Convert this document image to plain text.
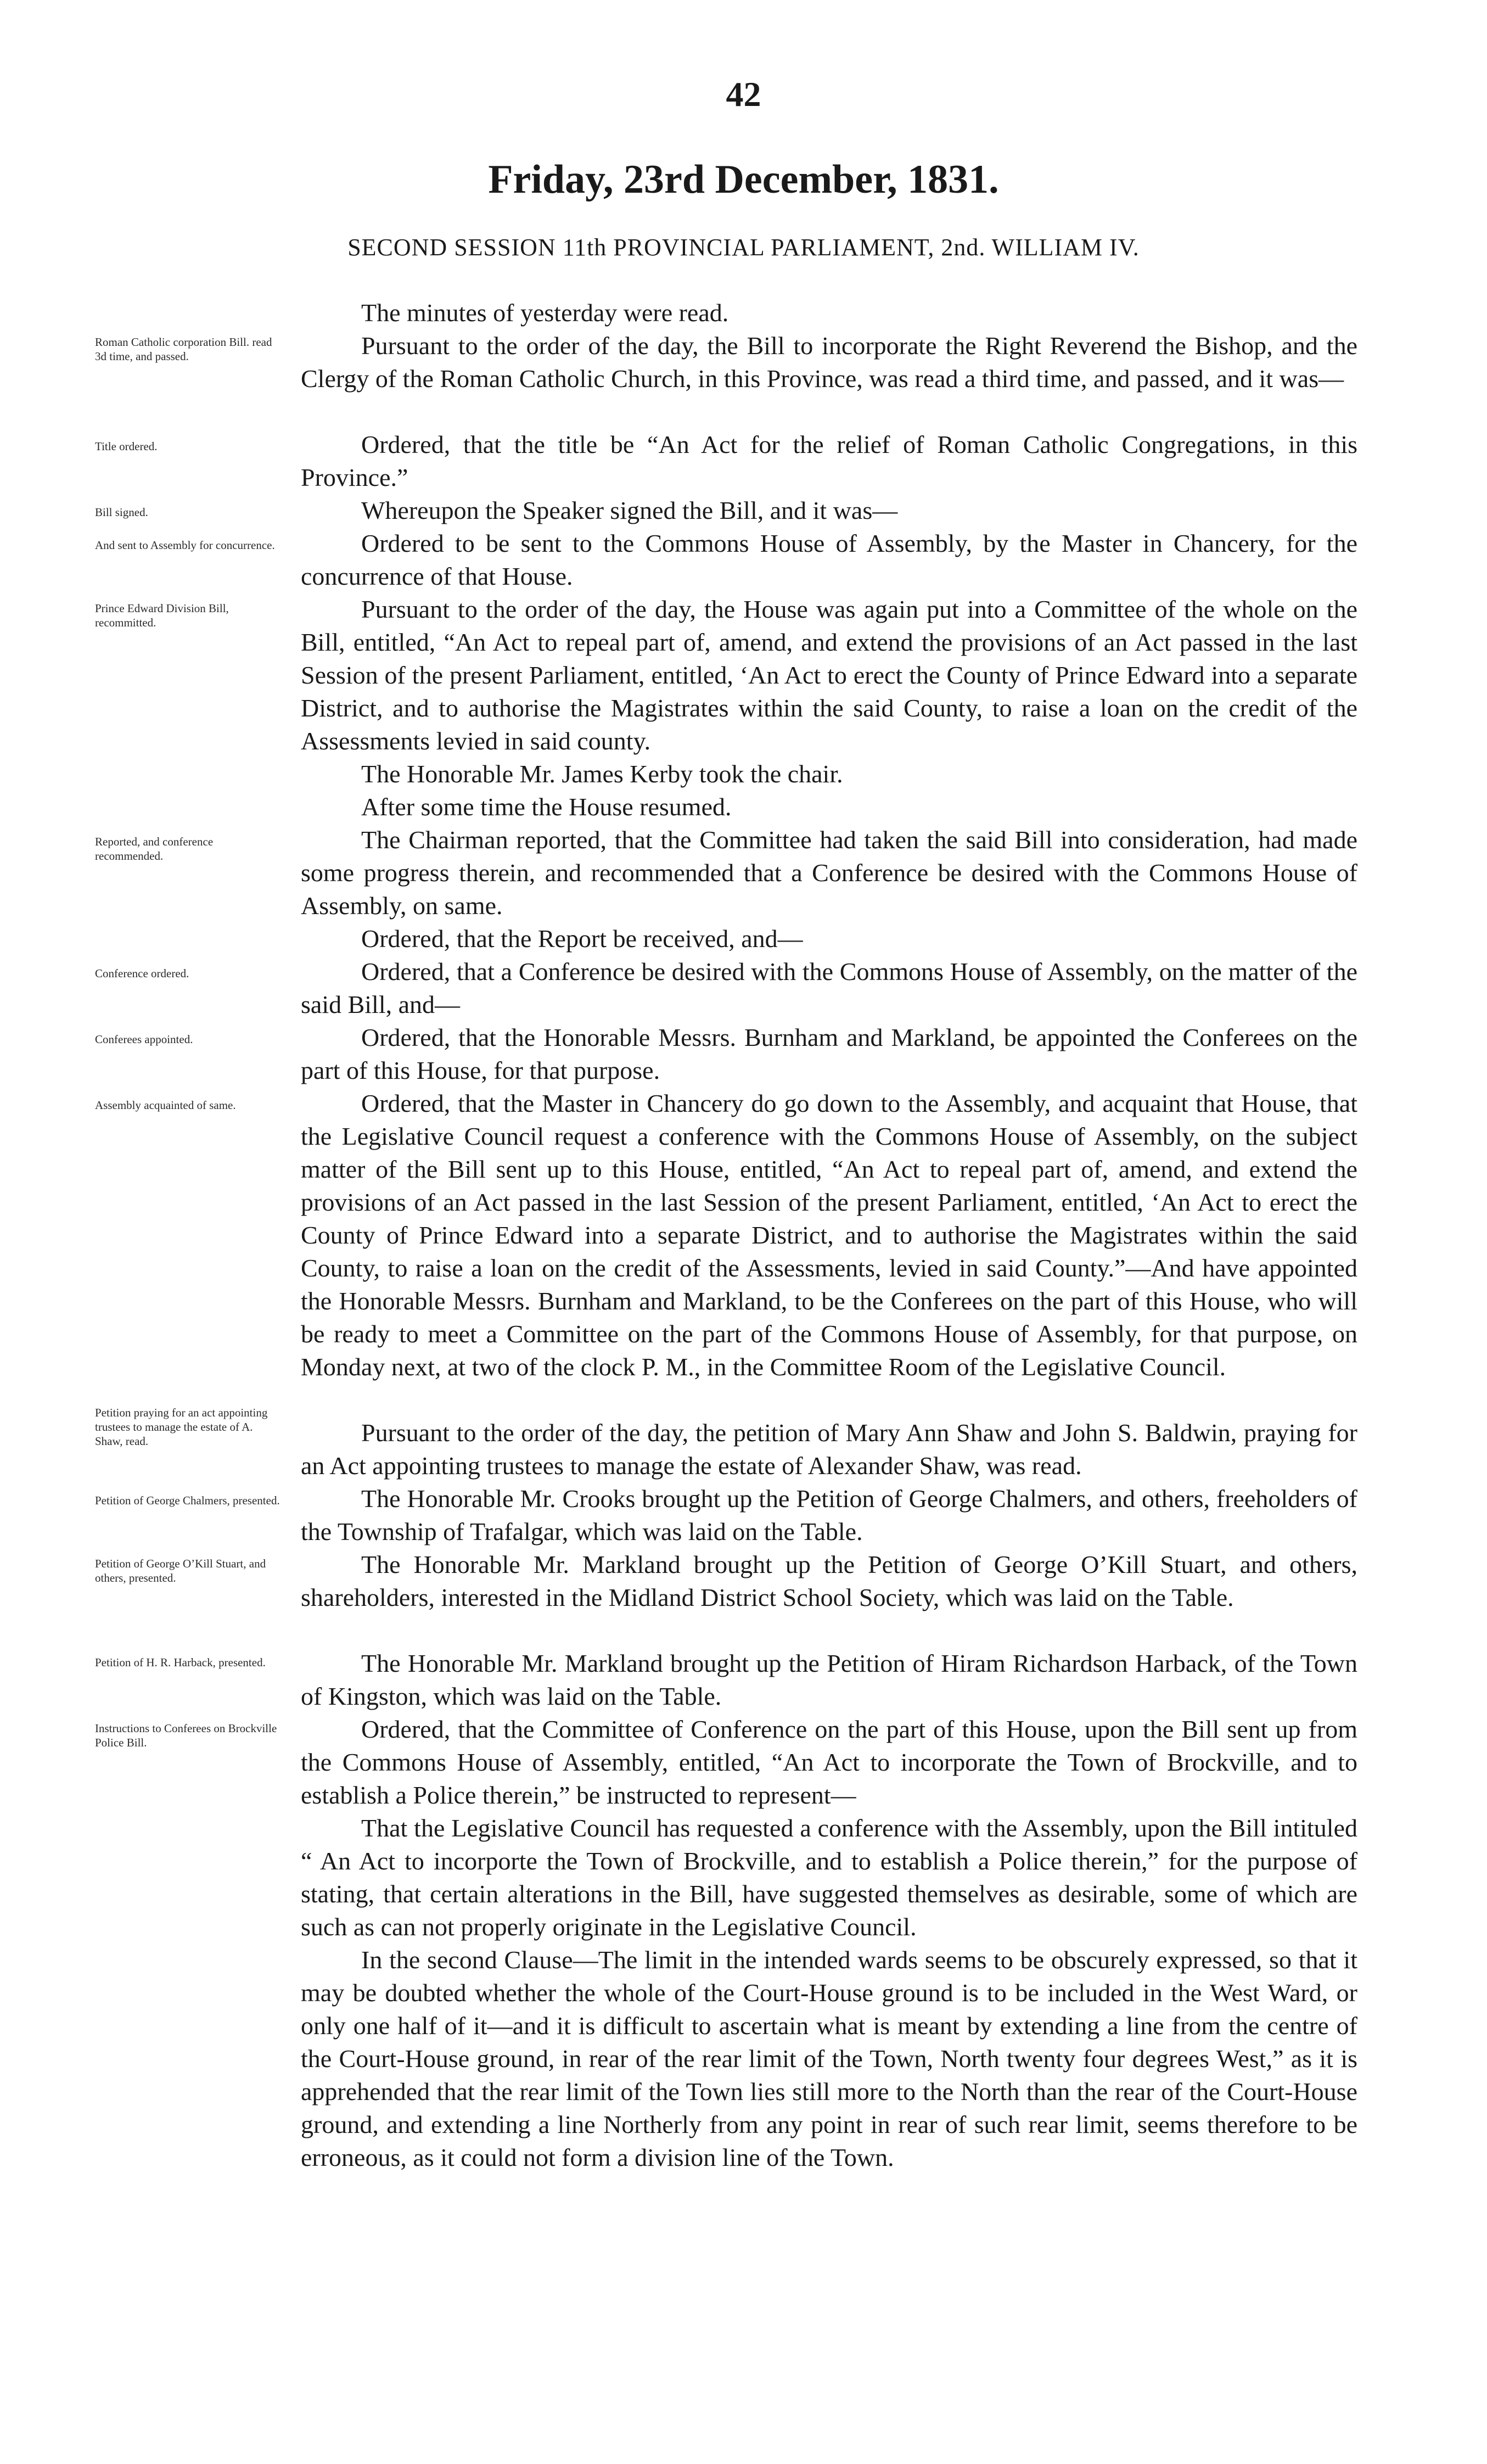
42
Friday, 23rd December, 1831.
SECOND SESSION 11th PROVINCIAL PARLIAMENT, 2nd. WILLIAM IV.
The minutes of yesterday were read.
Roman Catholic corporation Bill. read 3d time, and passed.	Pursuant to the order of the day, the Bill to incorporate the Right Reverend the Bishop, and the Clergy of the Roman Catholic Church, in this Province, was read a third time, and passed, and it was—
Title ordered.	Ordered, that the title be “An Act for the relief of Roman Catholic Congregations, in this Province.”
Bill signed.	Whereupon the Speaker signed the Bill, and it was—
And sent to Assembly for concurrence.	Ordered to be sent to the Commons House of Assembly, by the Master in Chancery, for the concurrence of that House.
Prince Edward Division Bill, recommitted.	Pursuant to the order of the day, the House was again put into a Committee of the whole on the Bill, entitled, “An Act to repeal part of, amend, and extend the provisions of an Act passed in the last Session of the present Parliament, entitled, ‘An Act to erect the County of Prince Edward into a separate District, and to authorise the Magistrates within the said County, to raise a loan on the credit of the Assessments levied in said county.
The Honorable Mr. James Kerby took the chair.
After some time the House resumed.
Reported, and conference recommended.
The Chairman reported, that the Committee had taken the said Bill into consideration, had made some progress therein, and recommended that a Conference be desired with the Commons House of Assembly, on same.
Ordered, that the Report be received, and—
Conference ordered.	Ordered, that a Conference be desired with the Commons House of Assembly, on the matter of the said Bill, and—
Conferees appointed.	Ordered, that the Honorable Messrs. Burnham and Markland, be appointed the Conferees on the part of this House, for that purpose.
Assembly acquainted of same.	Ordered, that the Master in Chancery do go down to the Assembly, and acquaint that House, that the Legislative Council request a conference with the Commons House of Assembly, on the subject matter of the Bill sent up to this House, entitled, “An Act to repeal part of, amend, and extend the provisions of an Act passed in the last Session of the present Parliament, entitled, ‘An Act to erect the County of Prince Edward into a separate District, and to authorise the Magistrates within the said County, to raise a loan on the credit of the Assessments, levied in said County.”—And have appointed the Honorable Messrs. Burnham and Markland, to be the Conferees on the part of this House, who will be ready to meet a Committee on the part of the Commons House of Assembly, for that purpose, on Monday next, at two of the clock P. M., in the Committee Room of the Legislative Council.
Petition praying for an act appointing trustees to manage the estate of A. Shaw, read.	Pursuant to the order of the day, the petition of Mary Ann Shaw and John S. Baldwin, praying for an Act appointing trustees to manage the estate of Alexander Shaw, was read.
Petition of George Chalmers, presented.	The Honorable Mr. Crooks brought up the Petition of George Chalmers, and others, freeholders of the Township of Trafalgar, which was laid on the Table.
Petition of George O’Kill Stuart, and others, presented.	The Honorable Mr. Markland brought up the Petition of George O’Kill Stuart, and others, shareholders, interested in the Midland District School Society, which was laid on the Table.
Petition of H. R. Harback, presented.	The Honorable Mr. Markland brought up the Petition of Hiram Richardson Harback, of the Town of Kingston, which was laid on the Table.
Instructions to Conferees on Brockville Police Bill.	Ordered, that the Committee of Conference on the part of this House, upon the Bill sent up from the Commons House of Assembly, entitled, “An Act to incorporate the Town of Brockville, and to establish a Police therein,” be instructed to represent—
That the Legislative Council has requested a conference with the Assembly, upon the Bill intituled “ An Act to incorporte the Town of Brockville, and to establish a Police therein,” for the purpose of stating, that certain alterations in the Bill, have suggested themselves as desirable, some of which are such as can not properly originate in the Legislative Council.
In the second Clause—The limit in the intended wards seems to be obscurely expressed, so that it may be doubted whether the whole of the Court-House ground is to be included in the West Ward, or only one half of it—and it is difficult to ascertain what is meant by extending a line from the centre of the Court-House ground, in rear of the rear limit of the Town, North twenty four degrees West,” as it is apprehended that the rear limit of the Town lies still more to the North than the rear of the Court-House ground, and extending a line Northerly from any point in rear of such rear limit, seems therefore to be erroneous, as it could not form a division line of the Town.
